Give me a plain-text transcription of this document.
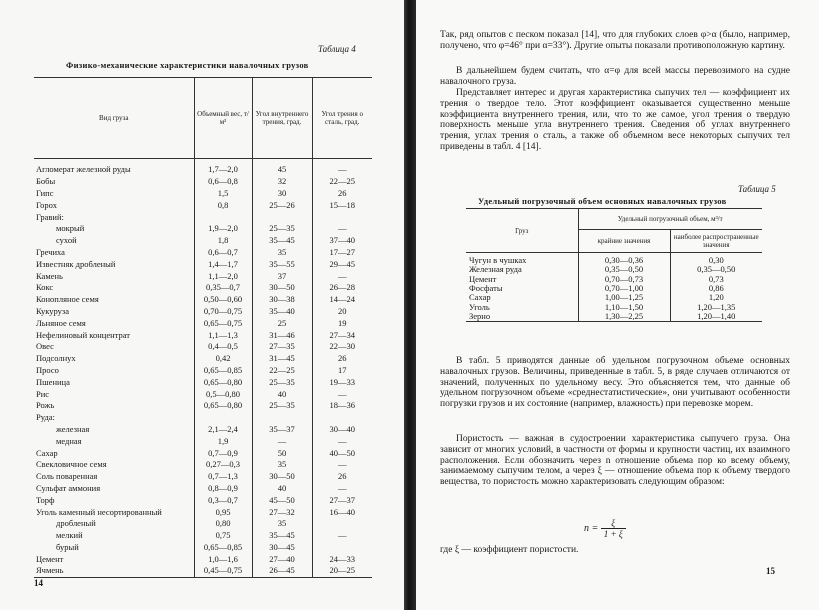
Таблица 4
Физико-механические характеристики навалочных грузов
Вид груза	Объемный вес, т/м³	Угол внутреннего трения, град.	Угол трения о сталь, град.
Агломерат железной руды	1,7—2,0	45	—
Бобы	0,6—0,8	32	22—25
Гипс	1,5	30	26
Горох	0,8	25—26	15—18
Гравий:			
мокрый	1,9—2,0	25—35	—
сухой	1,8	35—45	37—40
Гречиха	0,6—0,7	35	17—27
Известняк дробленый	1,4—1,7	35—55	29—45
Камень	1,1—2,0	37	—
Кокс	0,35—0,7	30—50	26—28
Конопляное семя	0,50—0,60	30—38	14—24
Кукуруза	0,70—0,75	35—40	20
Льняное семя	0,65—0,75	25	19
Нефелиновый концентрат	1,1—1,3	31—46	27—34
Овес	0,4—0,5	27—35	22—30
Подсолнух	0,42	31—45	26
Просо	0,65—0,85	22—25	17
Пшеница	0,65—0,80	25—35	19—33
Рис	0,5—0,80	40	—
Рожь	0,65—0,80	25—35	18—36
Руда:			
железная	2,1—2,4	35—37	30—40
медная	1,9	—	—
Сахар	0,7—0,9	50	40—50
Свекловичное семя	0,27—0,3	35	—
Соль поваренная	0,7—1,3	30—50	26
Сульфат аммония	0,8—0,9	40	—
Торф	0,3—0,7	45—50	27—37
Уголь каменный несортированный	0,95	27—32	16—40
дробленый	0,80	35	
мелкий	0,75	35—45	—
бурый	0,65—0,85	30—45	
Цемент	1,0—1,6	27—40	24—33
Ячмень	0,45—0,75	26—45	20—25
14
Так, ряд опытов с песком показал [14], что для глубоких слоев φ>α (было, например, получено, что φ=46° при α=33°). Другие опыты показали противоположную картину.
В дальнейшем будем считать, что α=φ для всей массы перевозимого на судне навалочного груза.
Представляет интерес и другая характеристика сыпучих тел — коэффициент их трения о твердое тело. Этот коэффициент оказывается существенно меньше коэффициента внутреннего трения, или, что то же самое, угол трения о твердую поверхность меньше угла внутреннего трения. Сведения об углах внутреннего трения, углах трения о сталь, а также об объемном весе некоторых сыпучих тел приведены в табл. 4 [14].
Таблица 5
Удельный погрузочный объем основных навалочных грузов
Груз	Удельный погрузочный объем, м³/т	
	крайние значения	наиболее распространенные значения
Чугун в чушках	0,30—0,36	0,30
Железная руда	0,35—0,50	0,35—0,50
Цемент	0,70—0,73	0,73
Фосфаты	0,70—1,00	0,86
Сахар	1,00—1,25	1,20
Уголь	1,10—1,50	1,20—1,35
Зерно	1,30—2,25	1,20—1,40
В табл. 5 приводятся данные об удельном погрузочном объеме основных навалочных грузов. Величины, приведенные в табл. 5, в ряде случаев отличаются от значений, полученных по удельному весу. Это объясняется тем, что данные об удельном погрузочном объеме «среднестатистические», они учитывают особенности погрузки грузов и их состояние (например, влажность) при перевозке морем.
Пористость — важная в судостроении характеристика сыпучего груза. Она зависит от многих условий, в частности от формы и крупности частиц, их взаимного расположения. Если обозначить через n отношение объема пор ко всему объему, занимаемому сыпучим телом, а через ξ — отношение объема пор к объему твердого вещества, то пористость можно характеризовать следующим образом:
$n = \frac{\xi}{1 + \xi}$
где ξ — коэффициент пористости.
15
